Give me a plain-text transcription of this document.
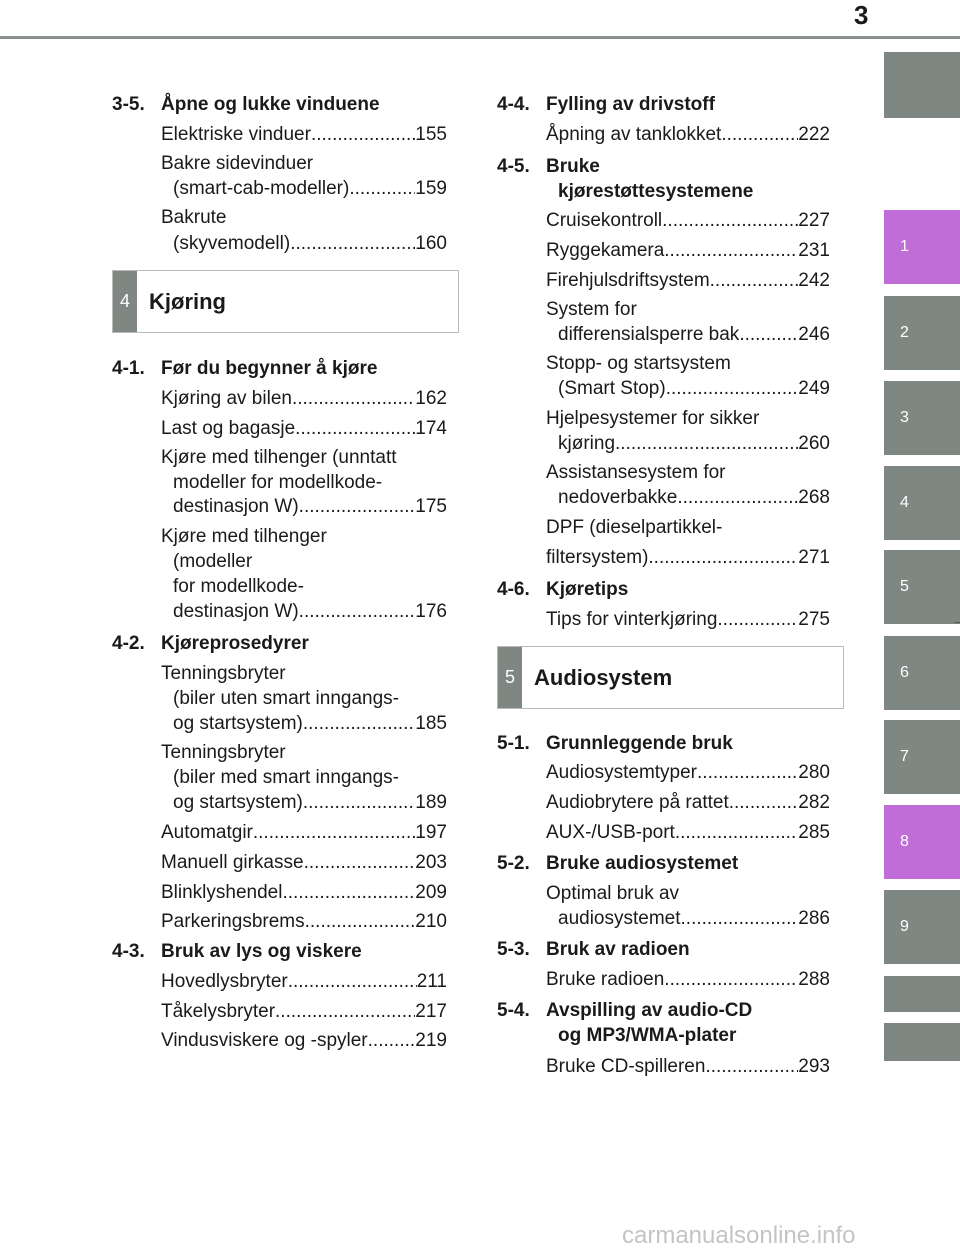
3
1
2
3
4
5
6
7
8
9
3-5. Åpne og lukke vinduene
Elektriske vinduer .....	155
Bakre sidevinduer
(smart-cab-modeller) .....	159
Bakrute
(skyvemodell) .....	160
4 Kjøring
4-1. Før du begynner å kjøre
Kjøring av bilen .....	162
Last og bagasje .....	174
Kjøre med tilhenger (unntatt
modeller for modellkode-
destinasjon W) .....	175
Kjøre med tilhenger
(modeller
for modellkode-
destinasjon W) .....	176
4-2. Kjøreprosedyrer
Tenningsbryter
(biler uten smart inngangs-
og startsystem) .....	185
Tenningsbryter
(biler med smart inngangs-
og startsystem) .....	189
Automatgir .....	197
Manuell girkasse .....	203
Blinklyshendel .....	209
Parkeringsbrems .....	210
4-3. Bruk av lys og viskere
Hovedlysbryter .....	211
Tåkelysbryter .....	217
Vindusviskere og -spyler .....	219
4-4. Fylling av drivstoff
Åpning av tanklokket .....	222
4-5. Bruke
kjørestøttesystemene
Cruisekontroll .....	227
Ryggekamera .....	231
Firehjulsdriftsystem .....	242
System for
differensialsperre bak .....	246
Stopp- og startsystem
(Smart Stop) .....	249
Hjelpesystemer for sikker
kjøring .....	260
Assistansesystem for
nedoverbakke .....	268
DPF (dieselpartikkel-
filtersystem) .....	271
4-6. Kjøretips
Tips for vinterkjøring .....	275
5 Audiosystem
5-1. Grunnleggende bruk
Audiosystemtyper .....	280
Audiobrytere på rattet .....	282
AUX-/USB-port .....	285
5-2. Bruke audiosystemet
Optimal bruk av
audiosystemet .....	286
5-3. Bruk av radioen
Bruke radioen .....	288
5-4. Avspilling av audio-CD
og MP3/WMA-plater
Bruke CD-spilleren .....	293
carmanualsonline.info
